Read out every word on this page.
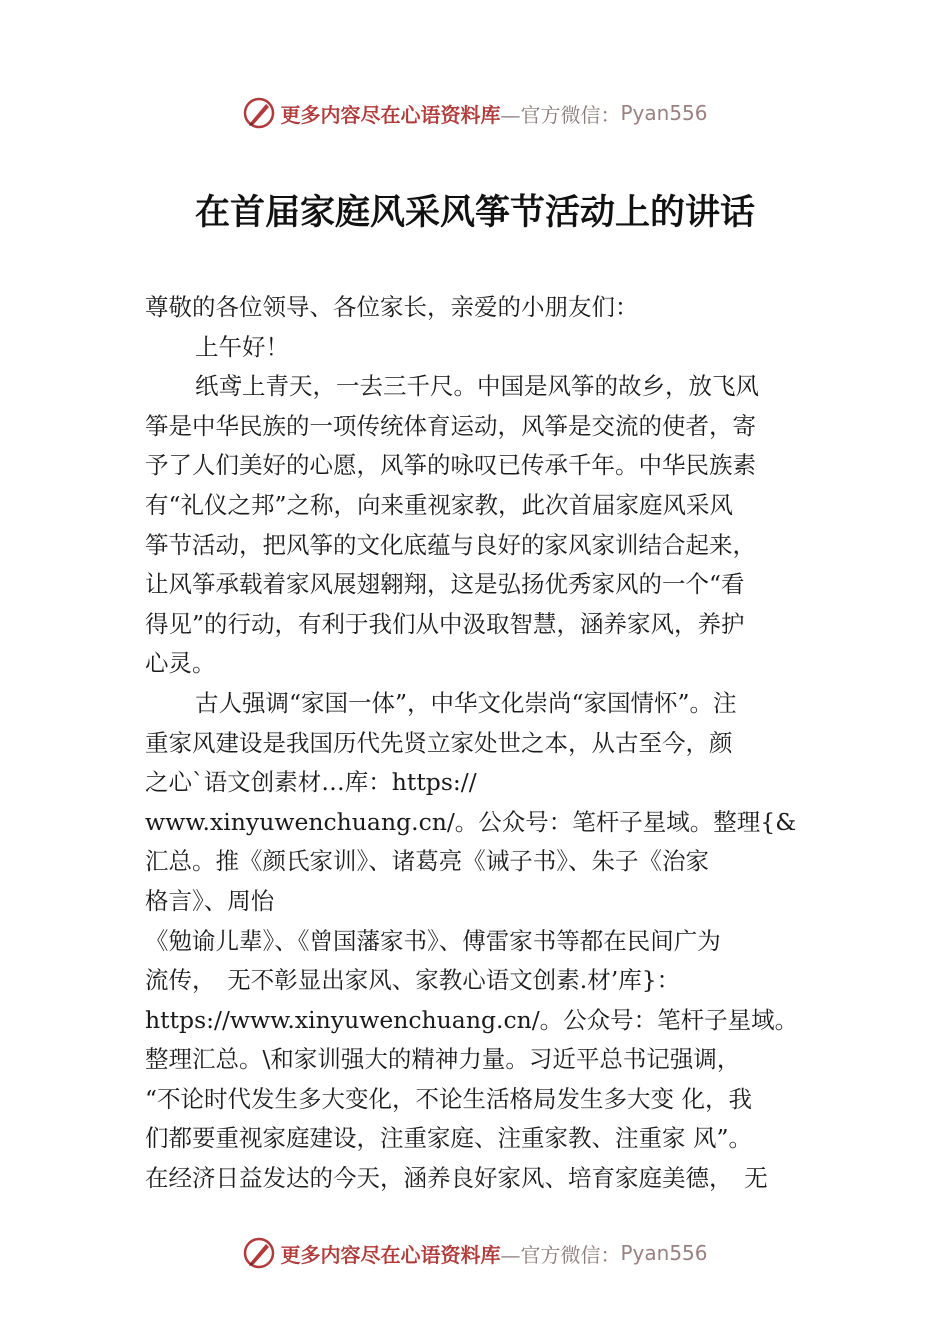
更多内容尽在心语资料库 —官方微信： Pyan556
在首届家庭风采风筝节活动上的讲话
尊敬的各位领导、各位家长，亲爱的小朋友们：
上午好！
纸鸢上青天，一去三千尺。中国是风筝的故乡，放飞风
筝是中华民族的一项传统体育运动，风筝是交流的使者，寄
予了人们美好的心愿，风筝的咏叹已传承千年。中华民族素
有“礼仪之邦”之称，向来重视家教，此次首届家庭风采风
筝节活动，把风筝的文化底蕴与良好的家风家训结合起来，
让风筝承载着家风展翅翱翔，这是弘扬优秀家风的一个“看
得见”的行动，有利于我们从中汲取智慧，涵养家风，养护
心灵。
古人强调“家国一体”，中华文化崇尚“家国情怀”。注
重家风建设是我国历代先贤立家处世之本，从古至今，颜
之心`语文创素材…库：https://
www.xinyuwenchuang.cn/。公众号：笔杆子星域。整理{&
汇总。推《颜氏家训》、诸葛亮《诫子书》、朱子《治家
格言》、周怡
《勉谕儿辈》、《曾国藩家书》、傅雷家书等都在民间广为
流传，　无不彰显出家风、家教心语文创素.材’库}：
https://www.xinyuwenchuang.cn/。公众号：笔杆子星域。
整理汇总。\和家训强大的精神力量。习近平总书记强调，
“不论时代发生多大变化，不论生活格局发生多大变 化，我
们都要重视家庭建设，注重家庭、注重家教、注重家 风”。
在经济日益发达的今天，涵养良好家风、培育家庭美德，　无
更多内容尽在心语资料库 —官方微信： Pyan556
